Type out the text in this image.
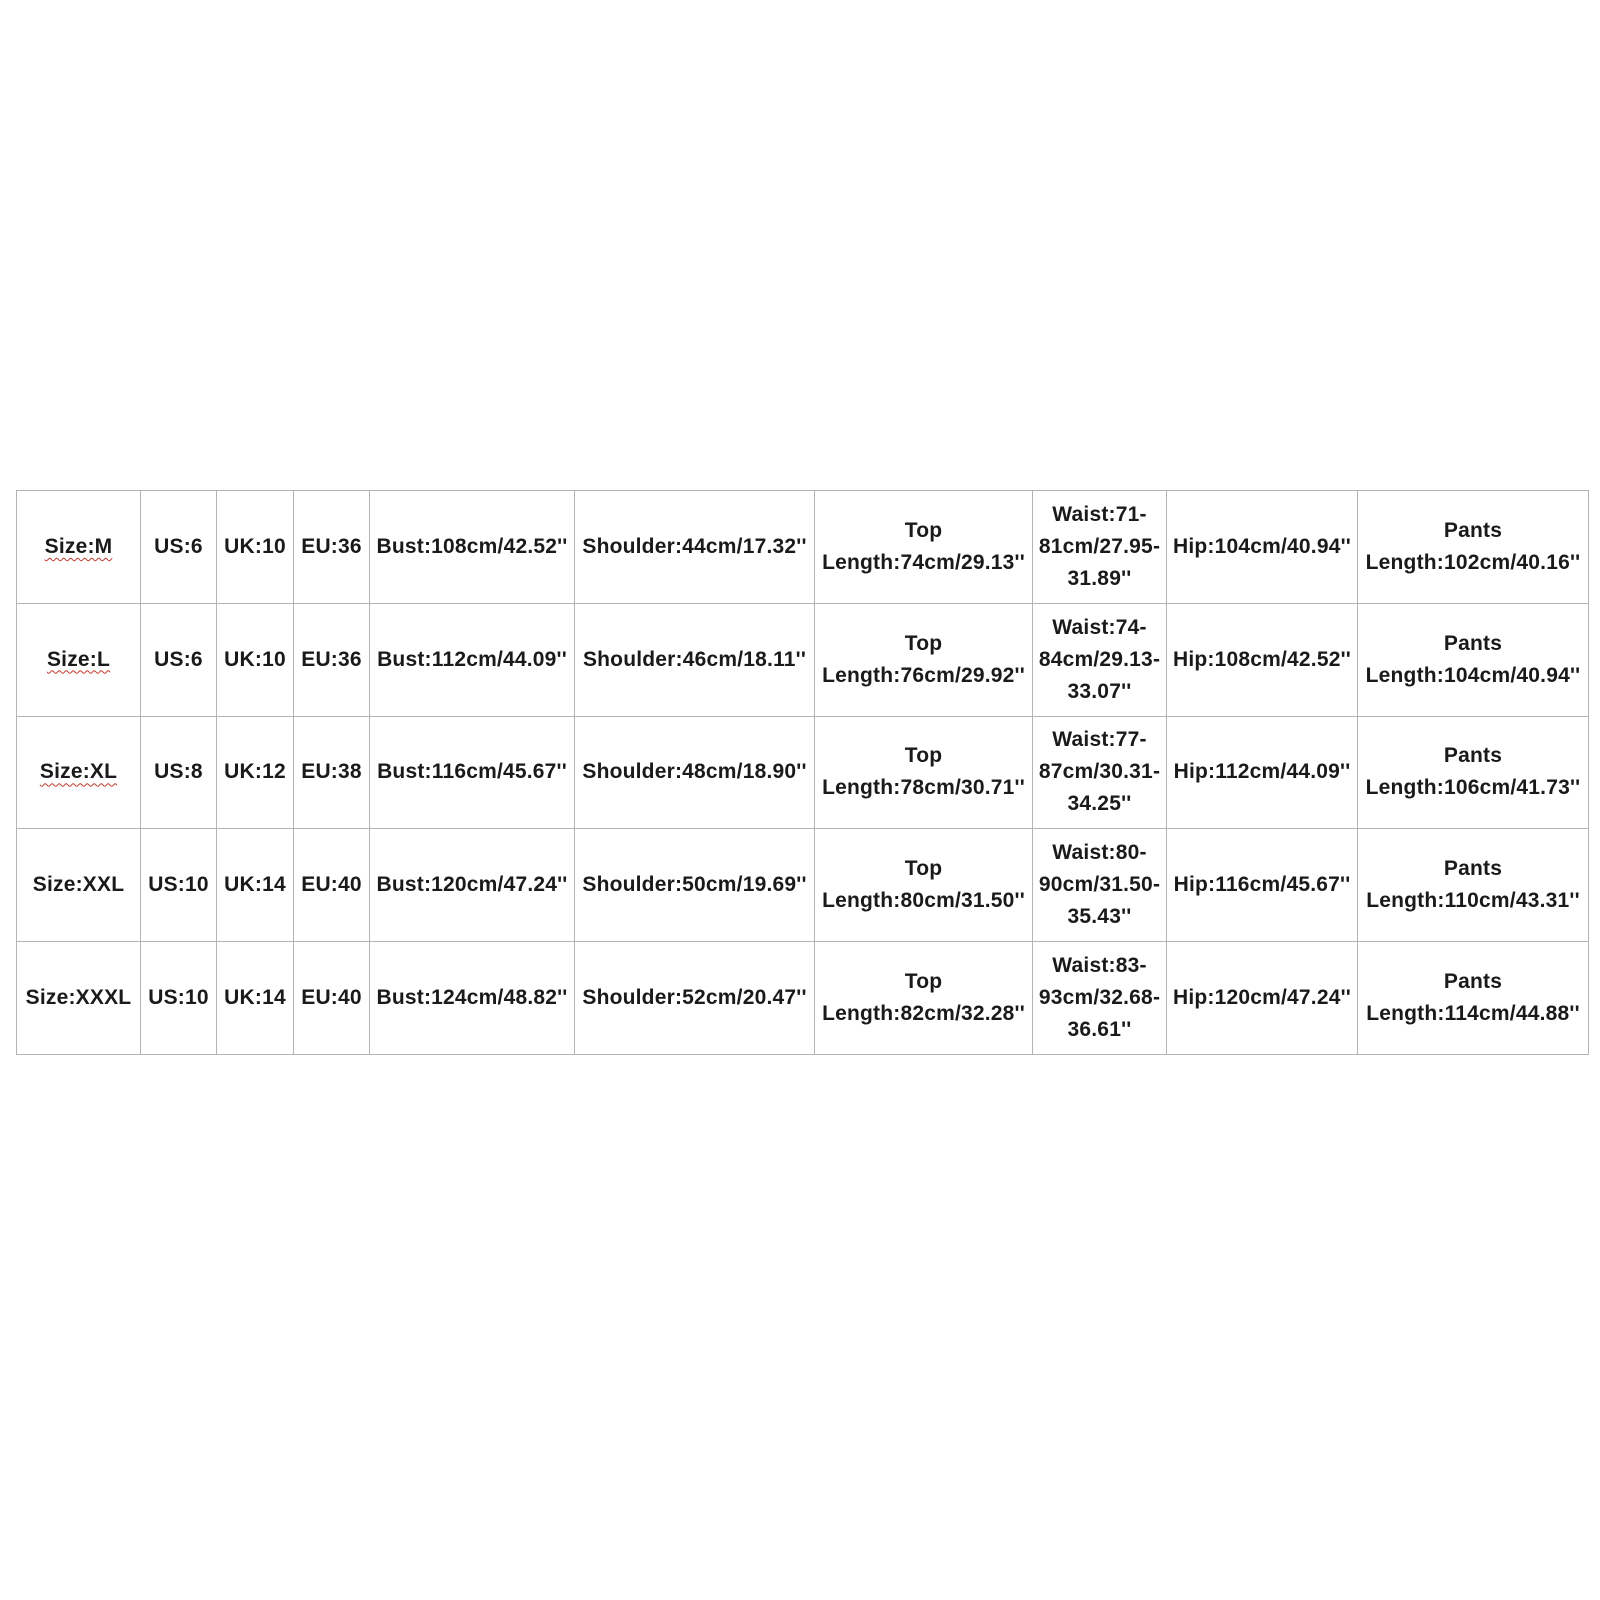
Size:M	US:6	UK:10	EU:36	Bust:108cm/42.52''	Shoulder:44cm/17.32''	Top
Length:74cm/29.13''	Waist:71-
81cm/27.95-
31.89''	Hip:104cm/40.94''	Pants
Length:102cm/40.16''
Size:L	US:6	UK:10	EU:36	Bust:112cm/44.09''	Shoulder:46cm/18.11''	Top
Length:76cm/29.92''	Waist:74-
84cm/29.13-
33.07''	Hip:108cm/42.52''	Pants
Length:104cm/40.94''
Size:XL	US:8	UK:12	EU:38	Bust:116cm/45.67''	Shoulder:48cm/18.90''	Top
Length:78cm/30.71''	Waist:77-
87cm/30.31-
34.25''	Hip:112cm/44.09''	Pants
Length:106cm/41.73''
Size:XXL	US:10	UK:14	EU:40	Bust:120cm/47.24''	Shoulder:50cm/19.69''	Top
Length:80cm/31.50''	Waist:80-
90cm/31.50-
35.43''	Hip:116cm/45.67''	Pants
Length:110cm/43.31''
Size:XXXL	US:10	UK:14	EU:40	Bust:124cm/48.82''	Shoulder:52cm/20.47''	Top
Length:82cm/32.28''	Waist:83-
93cm/32.68-
36.61''	Hip:120cm/47.24''	Pants
Length:114cm/44.88''
